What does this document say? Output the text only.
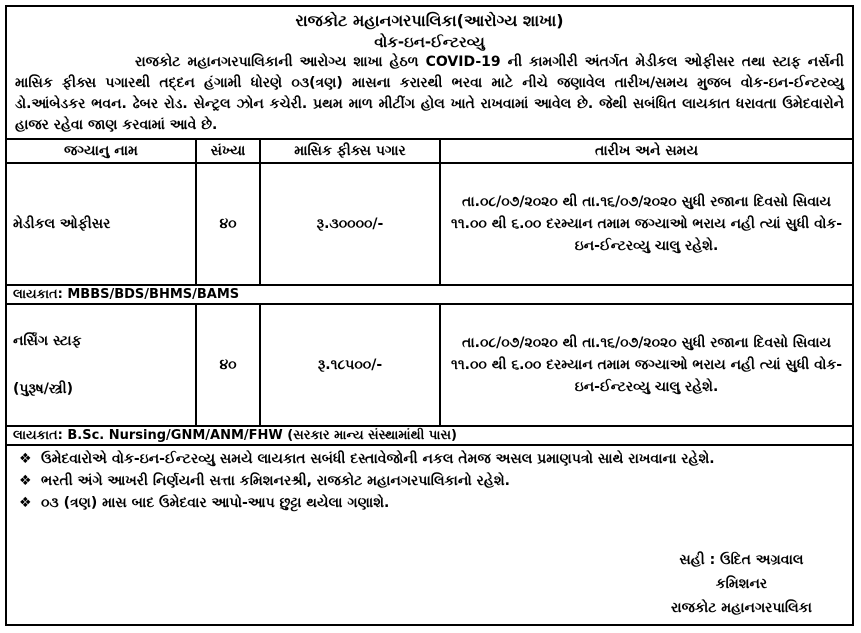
રાજકોટ મહાનગરપાલિકા(આરોગ્ય શાખા)
વોક-ઇન-ઈન્ટરવ્યુ
રાજકોટ મહાનગરપાલિકાની આરોગ્ય શાખા હેઠળ COVID-19 ની કામગીરી અંતર્ગત મેડીકલ ઓફીસર તથા સ્ટાફ નર્સની માસિક ફીક્સ પગારથી તદ્દન હંગામી ધોરણે ૦૩(ત્રણ) માસના કરારથી ભરવા માટે નીચે જણાવેલ તારીખ/સમય મુજબ વોક-ઇન-ઈન્ટરવ્યુ ડો.આંબેડકર ભવન. ઢેબર રોડ. સેન્ટ્રલ ઝોન કચેરી. પ્રથમ માળ મીટીંગ હોલ ખાતે રાખવામાં આવેલ છે. જેથી સબંધિત લાયકાત ધરાવતા ઉમેદવારોને હાજર રહેવા જાણ કરવામાં આવે છે.
જગ્યાનુ નામ	સંખ્યા	માસિક ફીક્સ પગાર	તારીખ અને સમય
મેડીકલ ઓફીસર	૪૦	રૂ.૩૦૦૦૦/-	તા.૦૮/૦૭/૨૦૨૦ થી તા.૧૬/૦૭/૨૦૨૦ સુધી રજાના દિવસો સિવાય ૧૧.૦૦ થી ૬.૦૦ દરમ્યાન તમામ જગ્યાઓ ભરાય નહી ત્યાં સુધી વોક-ઇન-ઈન્ટરવ્યુ ચાલુ રહેશે.
લાયકાત: MBBS/BDS/BHMS/BAMS			
નર્સિંગ સ્ટાફ

(પુરૂષ/સ્ત્રી)	૪૦	રૂ.૧૮૫૦૦/-	તા.૦૮/૦૭/૨૦૨૦ થી તા.૧૬/૦૭/૨૦૨૦ સુધી રજાના દિવસો સિવાય ૧૧.૦૦ થી ૬.૦૦ દરમ્યાન તમામ જગ્યાઓ ભરાય નહી ત્યાં સુધી વોક-ઇન-ઈન્ટરવ્યુ ચાલુ રહેશે.
લાયકાત: B.Sc. Nursing/GNM/ANM/FHW (સરકાર માન્ય સંસ્થામાંથી પાસ)			
❖ ઉમેદવારોએ વોક-ઇન-ઈન્ટરવ્યુ સમયે લાયકાત સબંધી દસ્તાવેજોની નકલ તેમજ અસલ પ્રમાણપત્રો સાથે રાખવાના રહેશે.
❖ ભરતી અંગે આખરી નિર્ણયની સત્તા કમિશનરશ્રી, રાજકોટ મહાનગરપાલિકાનો રહેશે.
❖ ૦૩ (ત્રણ) માસ બાદ ઉમેદવાર આપો-આપ છુટ્ટા થયેલા ગણાશે.
સહી : ઉદિત અગ્રવાલ
કમિશનર
રાજકોટ મહાનગરપાલિકા
